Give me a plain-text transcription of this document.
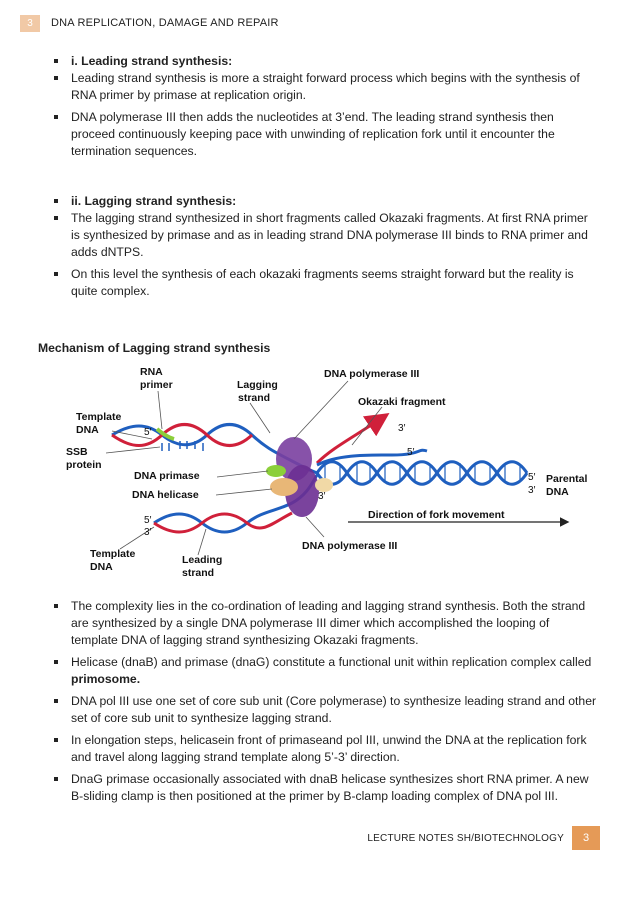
3	DNA REPLICATION, DAMAGE AND REPAIR

i. Leading strand synthesis:

Leading strand synthesis is more a straight forward process which begins with the synthesis of RNA primer by primase at replication origin.

DNA polymerase III then adds the nucleotides at 3’end. The leading strand synthesis then proceed continuously keeping pace with unwinding of replication fork until it encounter the termination sequences.

ii. Lagging strand synthesis:

The lagging strand synthesized in short fragments called Okazaki fragments. At first RNA primer is synthesized by primase and as in leading strand DNA polymerase III binds to RNA primer and adds dNTPS.

On this level the synthesis of each okazaki fragments seems straight forward but the reality is quite complex.

Mechanism of Lagging strand synthesis
RNA
primer	Lagging
strand
DNA polymerase III
Okazaki fragment
Template
DNA
SSB
protein
DNA primase
DNA helicase
Direction of fork movement
Parental
DNA
DNA polymerase III
Template
DNA
Leading
strand
5′	3′
5′
5′
3′
3′
5′
3′

The complexity lies in the co-ordination of leading and lagging strand synthesis. Both the strand are synthesized by a single DNA polymerase III dimer which accomplished the looping of template DNA of lagging strand synthesizing Okazaki fragments.

Helicase (dnaB) and primase (dnaG) constitute a functional unit within replication complex called primosome.

DNA pol III use one set of core sub unit (Core polymerase) to synthesize leading strand and other set of core sub unit to synthesize lagging strand.

In elongation steps, helicasein front of primaseand pol III, unwind the DNA at the replication fork and travel along lagging strand template along 5’-3’ direction.

DnaG primase occasionally associated with dnaB helicase synthesizes short RNA primer. A new B-sliding clamp is then positioned at the primer by B-clamp loading complex of DNA pol III.

LECTURE NOTES SH/BIOTECHNOLOGY	3
